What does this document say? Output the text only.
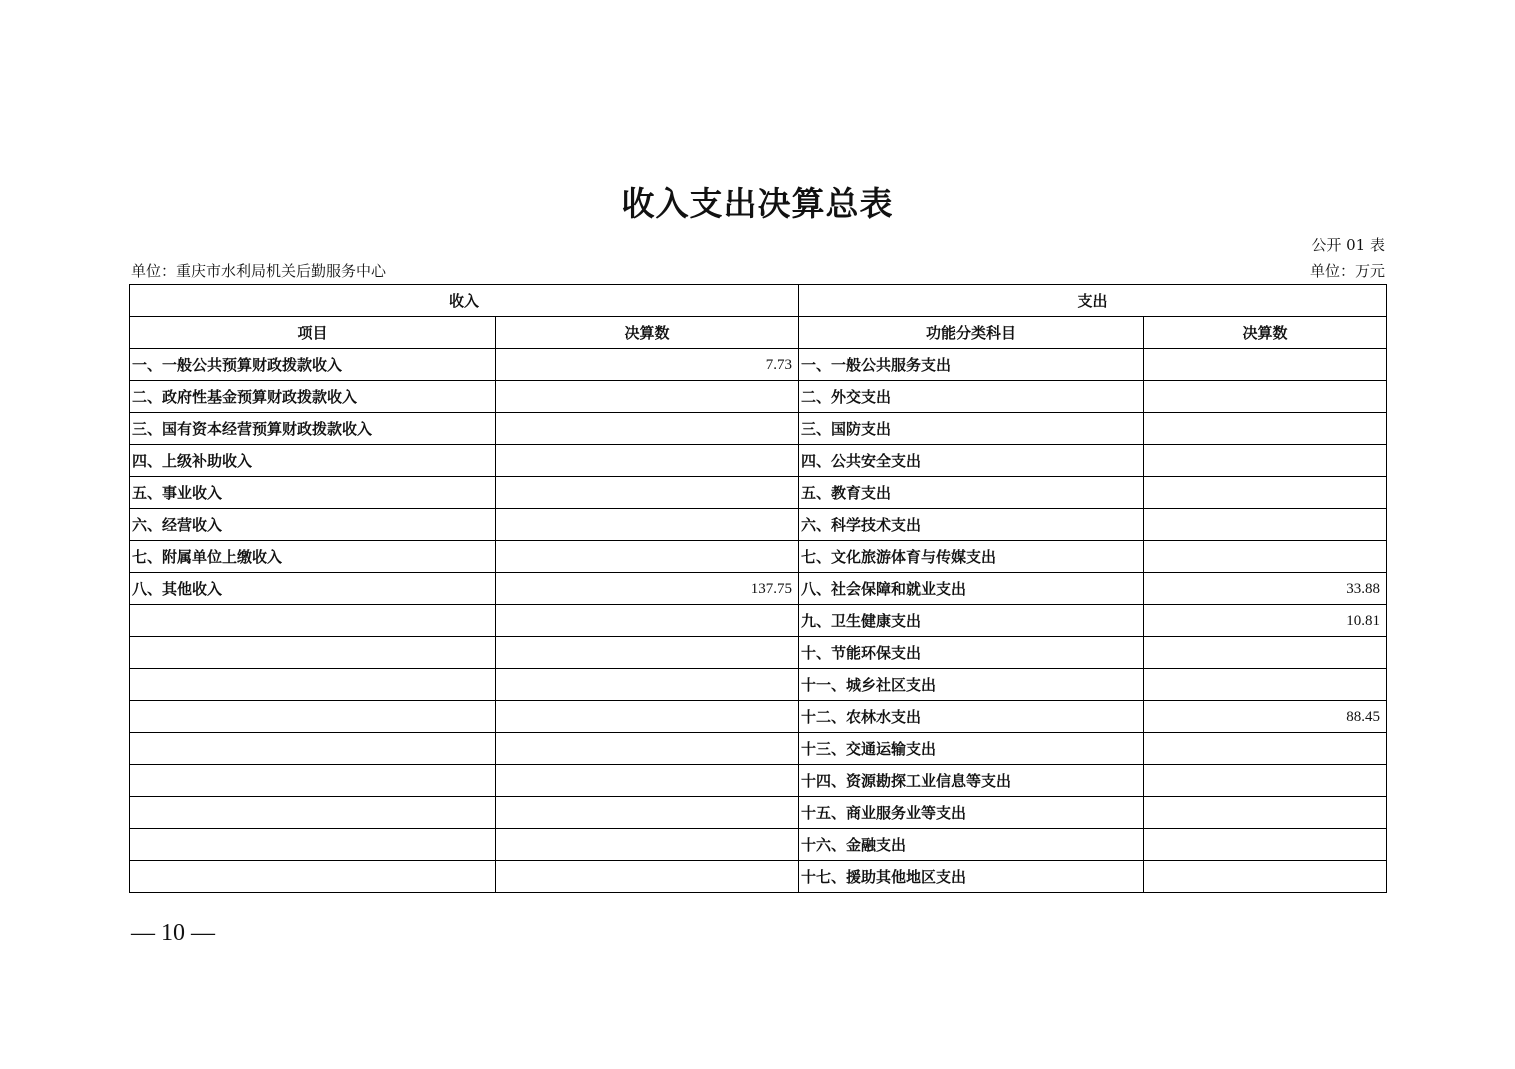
收入支出决算总表
公开 01 表
单位：重庆市水利局机关后勤服务中心	单位：万元
收入		支出	
项目	决算数	功能分类科目	决算数
一、一般公共预算财政拨款收入	7.73	一、一般公共服务支出	
二、政府性基金预算财政拨款收入		二、外交支出	
三、国有资本经营预算财政拨款收入		三、国防支出	
四、上级补助收入		四、公共安全支出	
五、事业收入		五、教育支出	
六、经营收入		六、科学技术支出	
七、附属单位上缴收入		七、文化旅游体育与传媒支出	
八、其他收入	137.75	八、社会保障和就业支出	33.88
		九、卫生健康支出	10.81
		十、节能环保支出	
		十一、城乡社区支出	
		十二、农林水支出	88.45
		十三、交通运输支出	
		十四、资源勘探工业信息等支出	
		十五、商业服务业等支出	
		十六、金融支出	
		十七、援助其他地区支出	
— 10 —
